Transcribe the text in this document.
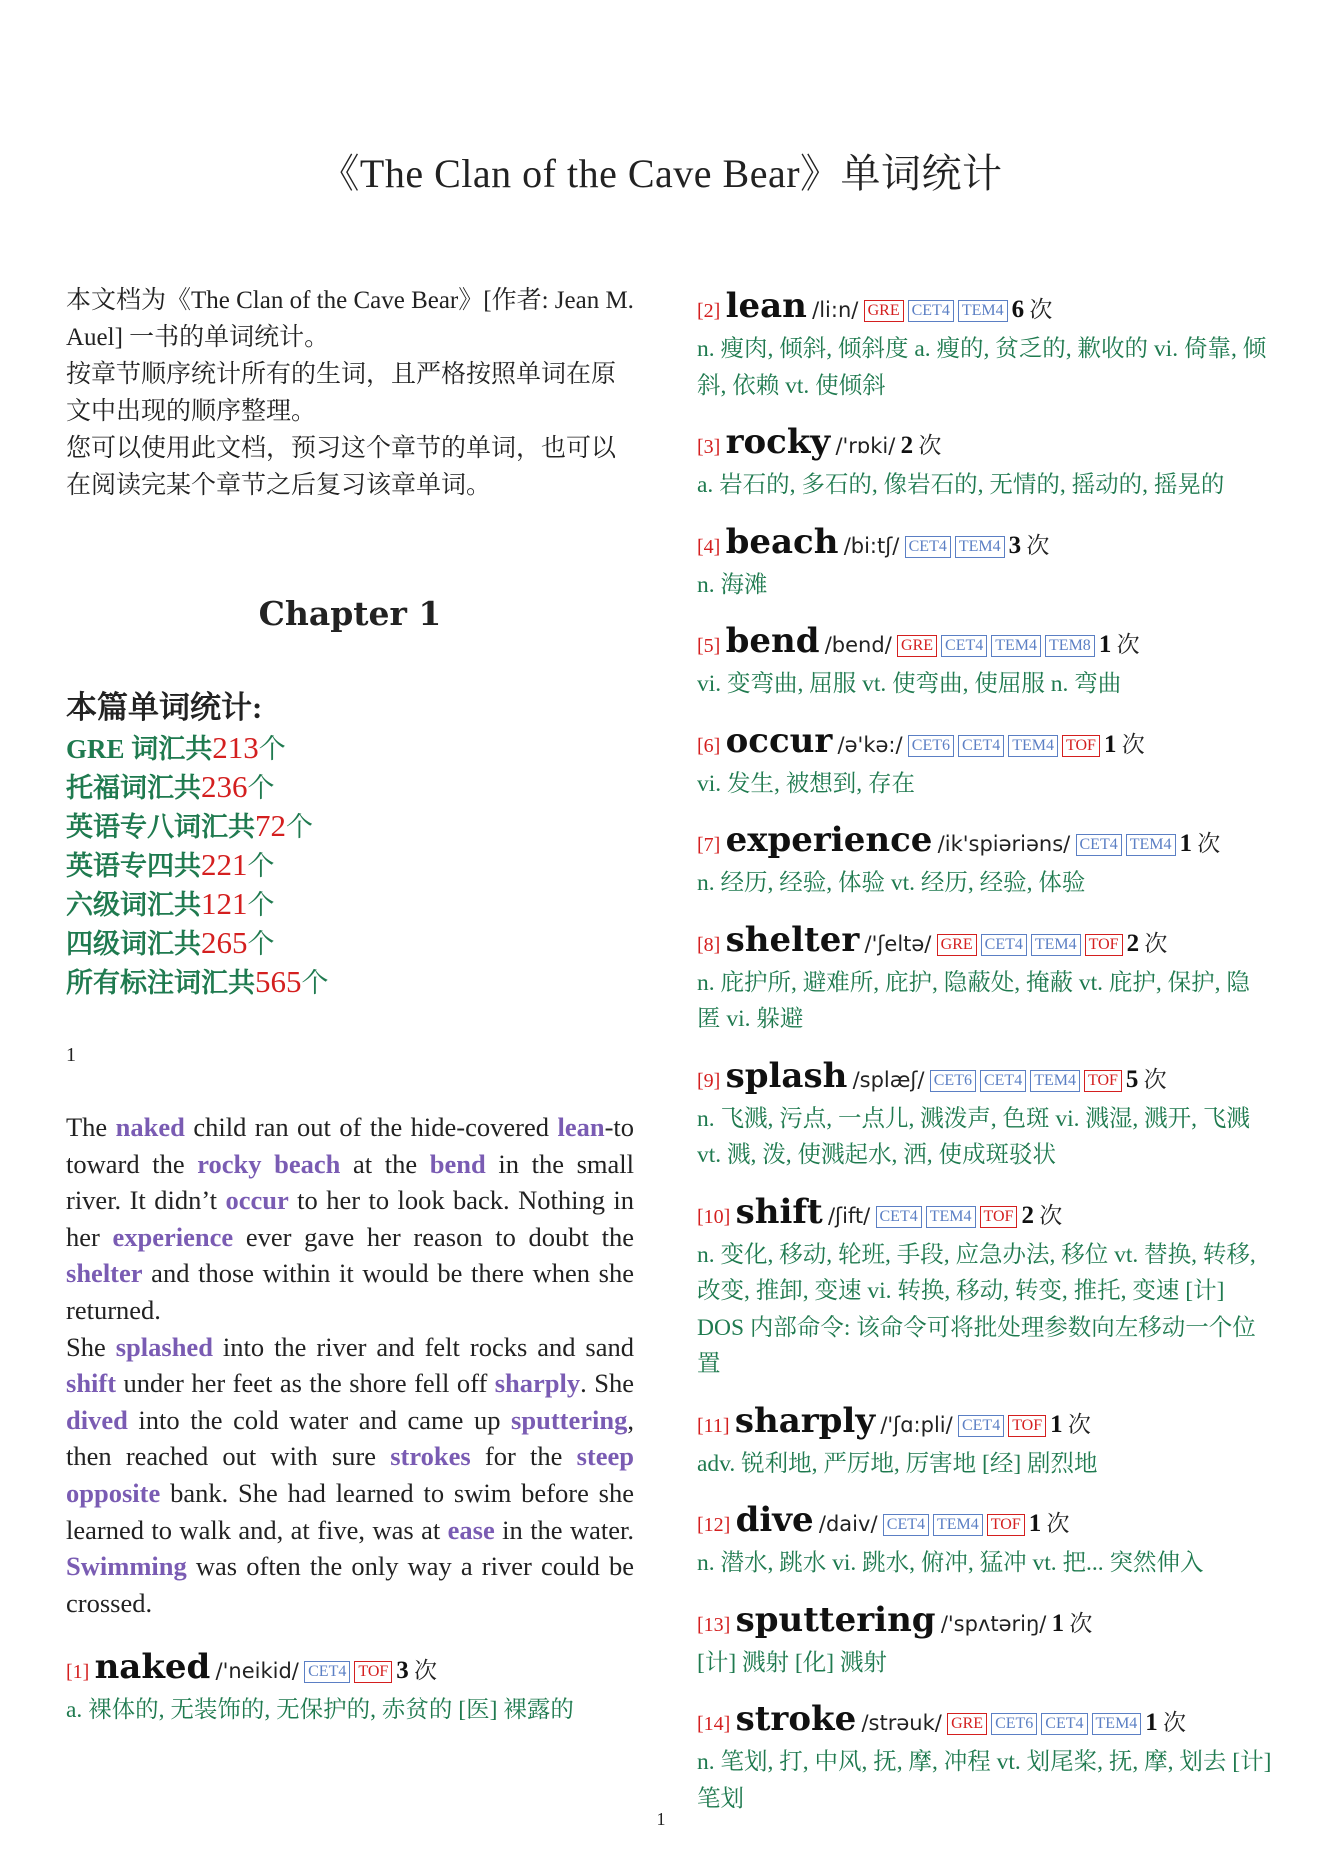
《The Clan of the Cave Bear》单词统计

本文档为《The Clan of the Cave Bear》[作者: Jean M. Auel] 一书的单词统计。

按章节顺序统计所有的生词，且严格按照单词在原文中出现的顺序整理。

您可以使用此文档，预习这个章节的单词，也可以在阅读完某个章节之后复习该章单词。

Chapter 1
本篇单词统计:
GRE 词汇共213个
托福词汇共236个
英语专八词汇共72个
英语专四共221个
六级词汇共121个
四级词汇共265个
所有标注词汇共565个
1
The naked child ran out of the hide-covered lean-to toward the rocky beach at the bend in the small river. It didn’t occur to her to look back. Nothing in her experience ever gave her reason to doubt the shelter and those within it would be there when she returned.
She splashed into the river and felt rocks and sand shift under her feet as the shore fell off sharply. She dived into the cold water and came up sputtering, then reached out with sure strokes for the steep opposite bank. She had learned to swim before she learned to walk and, at five, was at ease in the water. Swimming was often the only way a river could be crossed.
[1] naked /'neikid/ CET4 TOF 3 次
a. 裸体的, 无装饰的, 无保护的, 赤贫的 [医] 裸露的
[2] lean /li:n/ GRE CET4 TEM4 6 次
n. 瘦肉, 倾斜, 倾斜度 a. 瘦的, 贫乏的, 歉收的 vi. 倚靠, 倾斜, 依赖 vt. 使倾斜
[3] rocky /'rɒki/ 2 次
a. 岩石的, 多石的, 像岩石的, 无情的, 摇动的, 摇晃的
[4] beach /bi:tʃ/ CET4 TEM4 3 次
n. 海滩
[5] bend /bend/ GRE CET4 TEM4 TEM8 1 次
vi. 变弯曲, 屈服 vt. 使弯曲, 使屈服 n. 弯曲
[6] occur /ə'kə:/ CET6 CET4 TEM4 TOF 1 次
vi. 发生, 被想到, 存在
[7] experience /ik'spiəriəns/ CET4 TEM4 1 次
n. 经历, 经验, 体验 vt. 经历, 经验, 体验
[8] shelter /'ʃeltə/ GRE CET4 TEM4 TOF 2 次
n. 庇护所, 避难所, 庇护, 隐蔽处, 掩蔽 vt. 庇护, 保护, 隐匿 vi. 躲避
[9] splash /splæʃ/ CET6 CET4 TEM4 TOF 5 次
n. 飞溅, 污点, 一点儿, 溅泼声, 色斑 vi. 溅湿, 溅开, 飞溅 vt. 溅, 泼, 使溅起水, 洒, 使成斑驳状
[10] shift /ʃift/ CET4 TEM4 TOF 2 次
n. 变化, 移动, 轮班, 手段, 应急办法, 移位 vt. 替换, 转移, 改变, 推卸, 变速 vi. 转换, 移动, 转变, 推托, 变速 [计] DOS 内部命令: 该命令可将批处理参数向左移动一个位置
[11] sharply /'ʃɑ:pli/ CET4 TOF 1 次
adv. 锐利地, 严厉地, 厉害地 [经] 剧烈地
[12] dive /daiv/ CET4 TEM4 TOF 1 次
n. 潜水, 跳水 vi. 跳水, 俯冲, 猛冲 vt. 把... 突然伸入
[13] sputtering /'spʌtəriŋ/ 1 次
[计] 溅射 [化] 溅射
[14] stroke /strəuk/ GRE CET6 CET4 TEM4 1 次
n. 笔划, 打, 中风, 抚, 摩, 冲程 vt. 划尾桨, 抚, 摩, 划去 [计] 笔划
1
